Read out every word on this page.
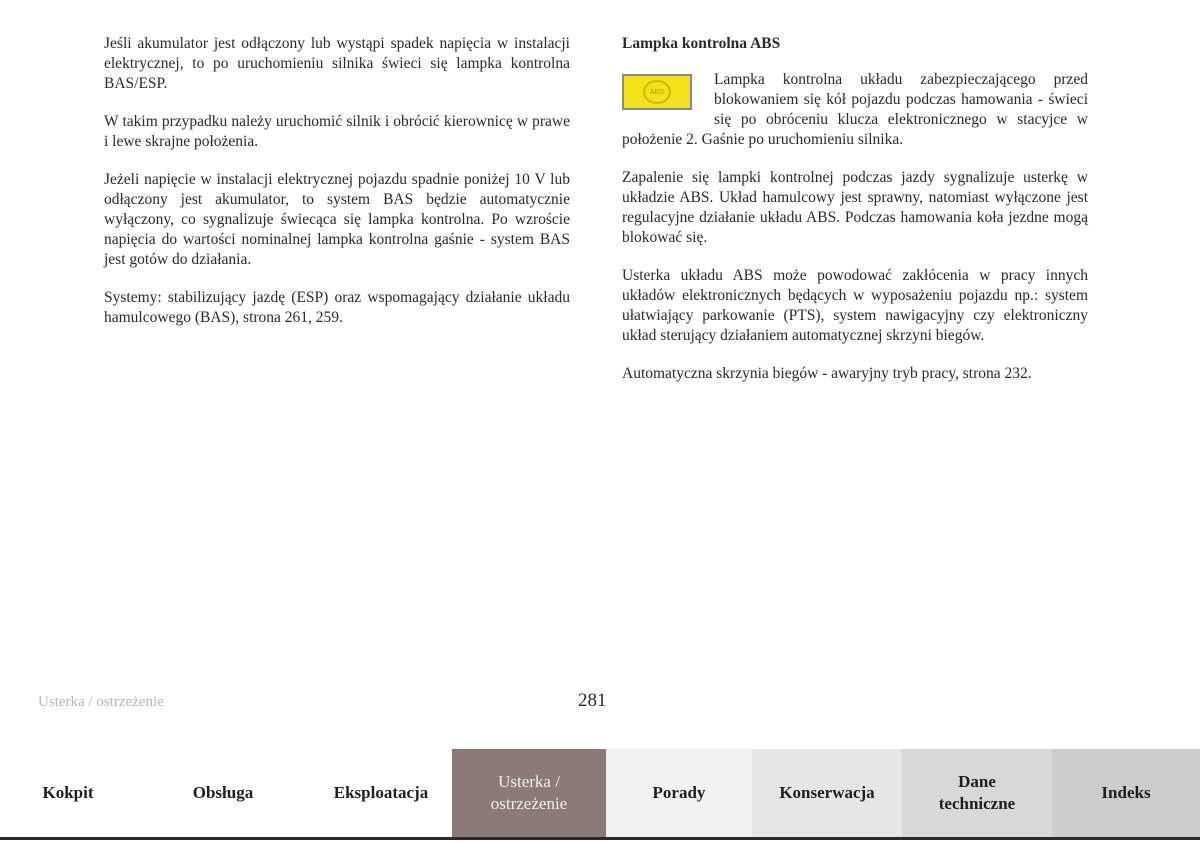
Jeśli akumulator jest odłączony lub wystąpi spadek napięcia w instalacji elektrycznej, to po uruchomieniu silnika świeci się lampka kontrolna BAS/ESP.

W takim przypadku należy uruchomić silnik i obrócić kierownicę w prawe i lewe skrajne położenia.

Jeżeli napięcie w instalacji elektrycznej pojazdu spadnie poniżej 10 V lub odłączony jest akumulator, to system BAS będzie automatycznie wyłączony, co sygnalizuje świecąca się lampka kontrolna. Po wzroście napięcia do wartości nominalnej lampka kontrolna gaśnie - system BAS jest gotów do działania.

Systemy: stabilizujący jazdę (ESP) oraz wspomagający działanie układu hamulcowego (BAS), strona 261, 259.

Lampka kontrolna ABS
ABS

Lampka kontrolna układu zabezpieczającego przed blokowaniem się kół pojazdu podczas hamowania - świeci się po obróceniu klucza elektronicznego w stacyjce w położenie 2. Gaśnie po uruchomieniu silnika.

Zapalenie się lampki kontrolnej podczas jazdy sygnalizuje usterkę w układzie ABS. Układ hamulcowy jest sprawny, natomiast wyłączone jest regulacyjne działanie układu ABS. Podczas hamowania koła jezdne mogą blokować się.

Usterka układu ABS może powodować zakłócenia w pracy innych układów elektronicznych będących w wyposażeniu pojazdu np.: system ułatwiający parkowanie (PTS), system nawigacyjny czy elektroniczny układ sterujący działaniem automatycznej skrzyni biegów.

Automatyczna skrzynia biegów - awaryjny tryb pracy, strona 232.

Usterka / ostrzeżenie	281
Kokpit	Obsługa	Eksploatacja
Usterka / ostrzeżenie
Porady	Konserwacja
Dane techniczne
Indeks
